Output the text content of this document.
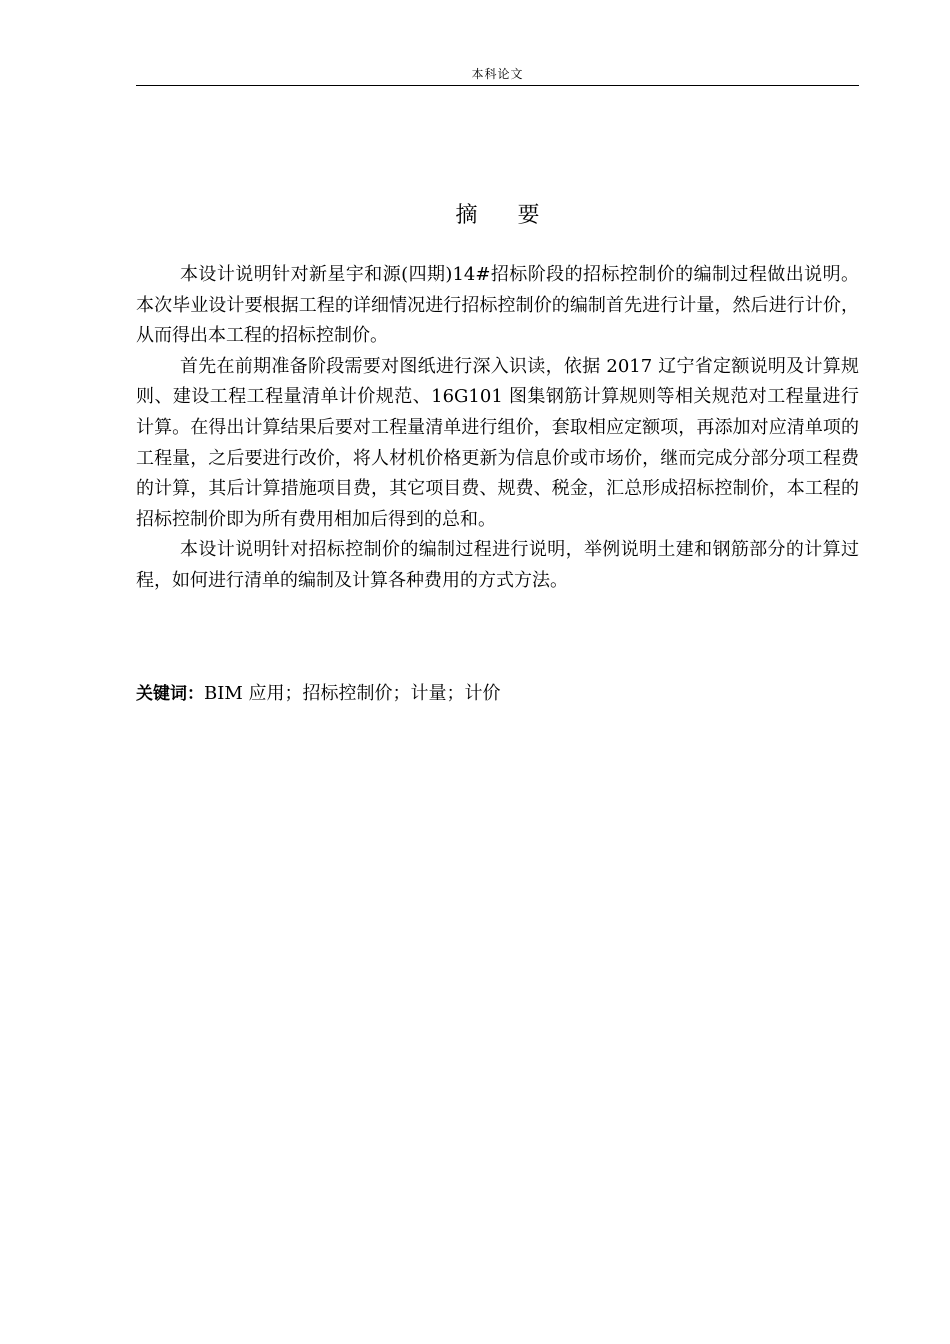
本科论文
摘要

本设计说明针对新星宇和源(四期)14#招标阶段的招标控制价的编制过程做出说明。本次毕业设计要根据工程的详细情况进行招标控制价的编制首先进行计量，然后进行计价，从而得出本工程的招标控制价。

首先在前期准备阶段需要对图纸进行深入识读，依据 2017 辽宁省定额说明及计算规则、建设工程工程量清单计价规范、16G101 图集钢筋计算规则等相关规范对工程量进行计算。在得出计算结果后要对工程量清单进行组价，套取相应定额项，再添加对应清单项的工程量，之后要进行改价，将人材机价格更新为信息价或市场价，继而完成分部分项工程费的计算，其后计算措施项目费，其它项目费、规费、税金，汇总形成招标控制价，本工程的招标控制价即为所有费用相加后得到的总和。

本设计说明针对招标控制价的编制过程进行说明，举例说明土建和钢筋部分的计算过程，如何进行清单的编制及计算各种费用的方式方法。

关键词：BIM 应用；招标控制价；计量；计价
